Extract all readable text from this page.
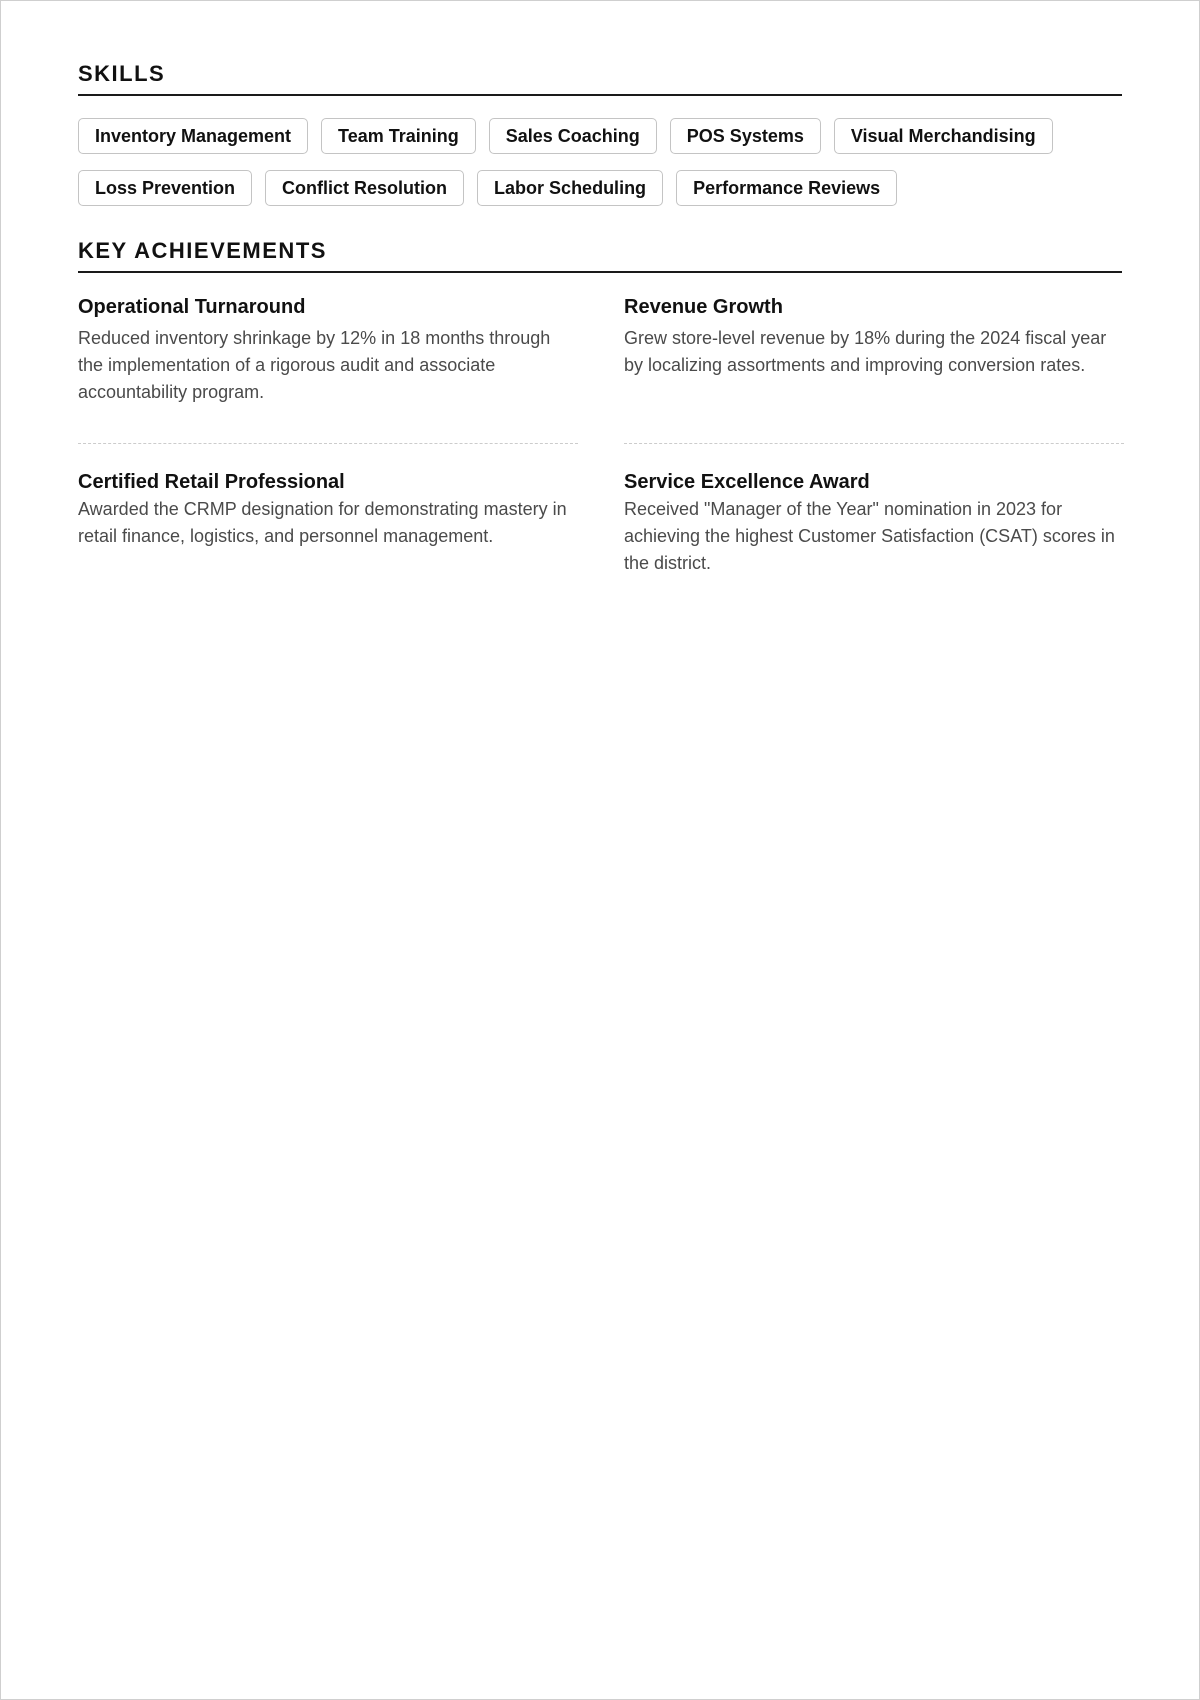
SKILLS
Inventory Management	Team Training	Sales Coaching	POS Systems	Visual Merchandising
Loss Prevention	Conflict Resolution	Labor Scheduling	Performance Reviews
KEY ACHIEVEMENTS
Operational Turnaround

Reduced inventory shrinkage by 12% in 18 months through the implementation of a rigorous audit and associate accountability program.

Revenue Growth

Grew store-level revenue by 18% during the 2024 fiscal year by localizing assortments and improving conversion rates.

Certified Retail Professional

Awarded the CRMP designation for demonstrating mastery in retail finance, logistics, and personnel management.

Service Excellence Award

Received "Manager of the Year" nomination in 2023 for achieving the highest Customer Satisfaction (CSAT) scores in the district.
